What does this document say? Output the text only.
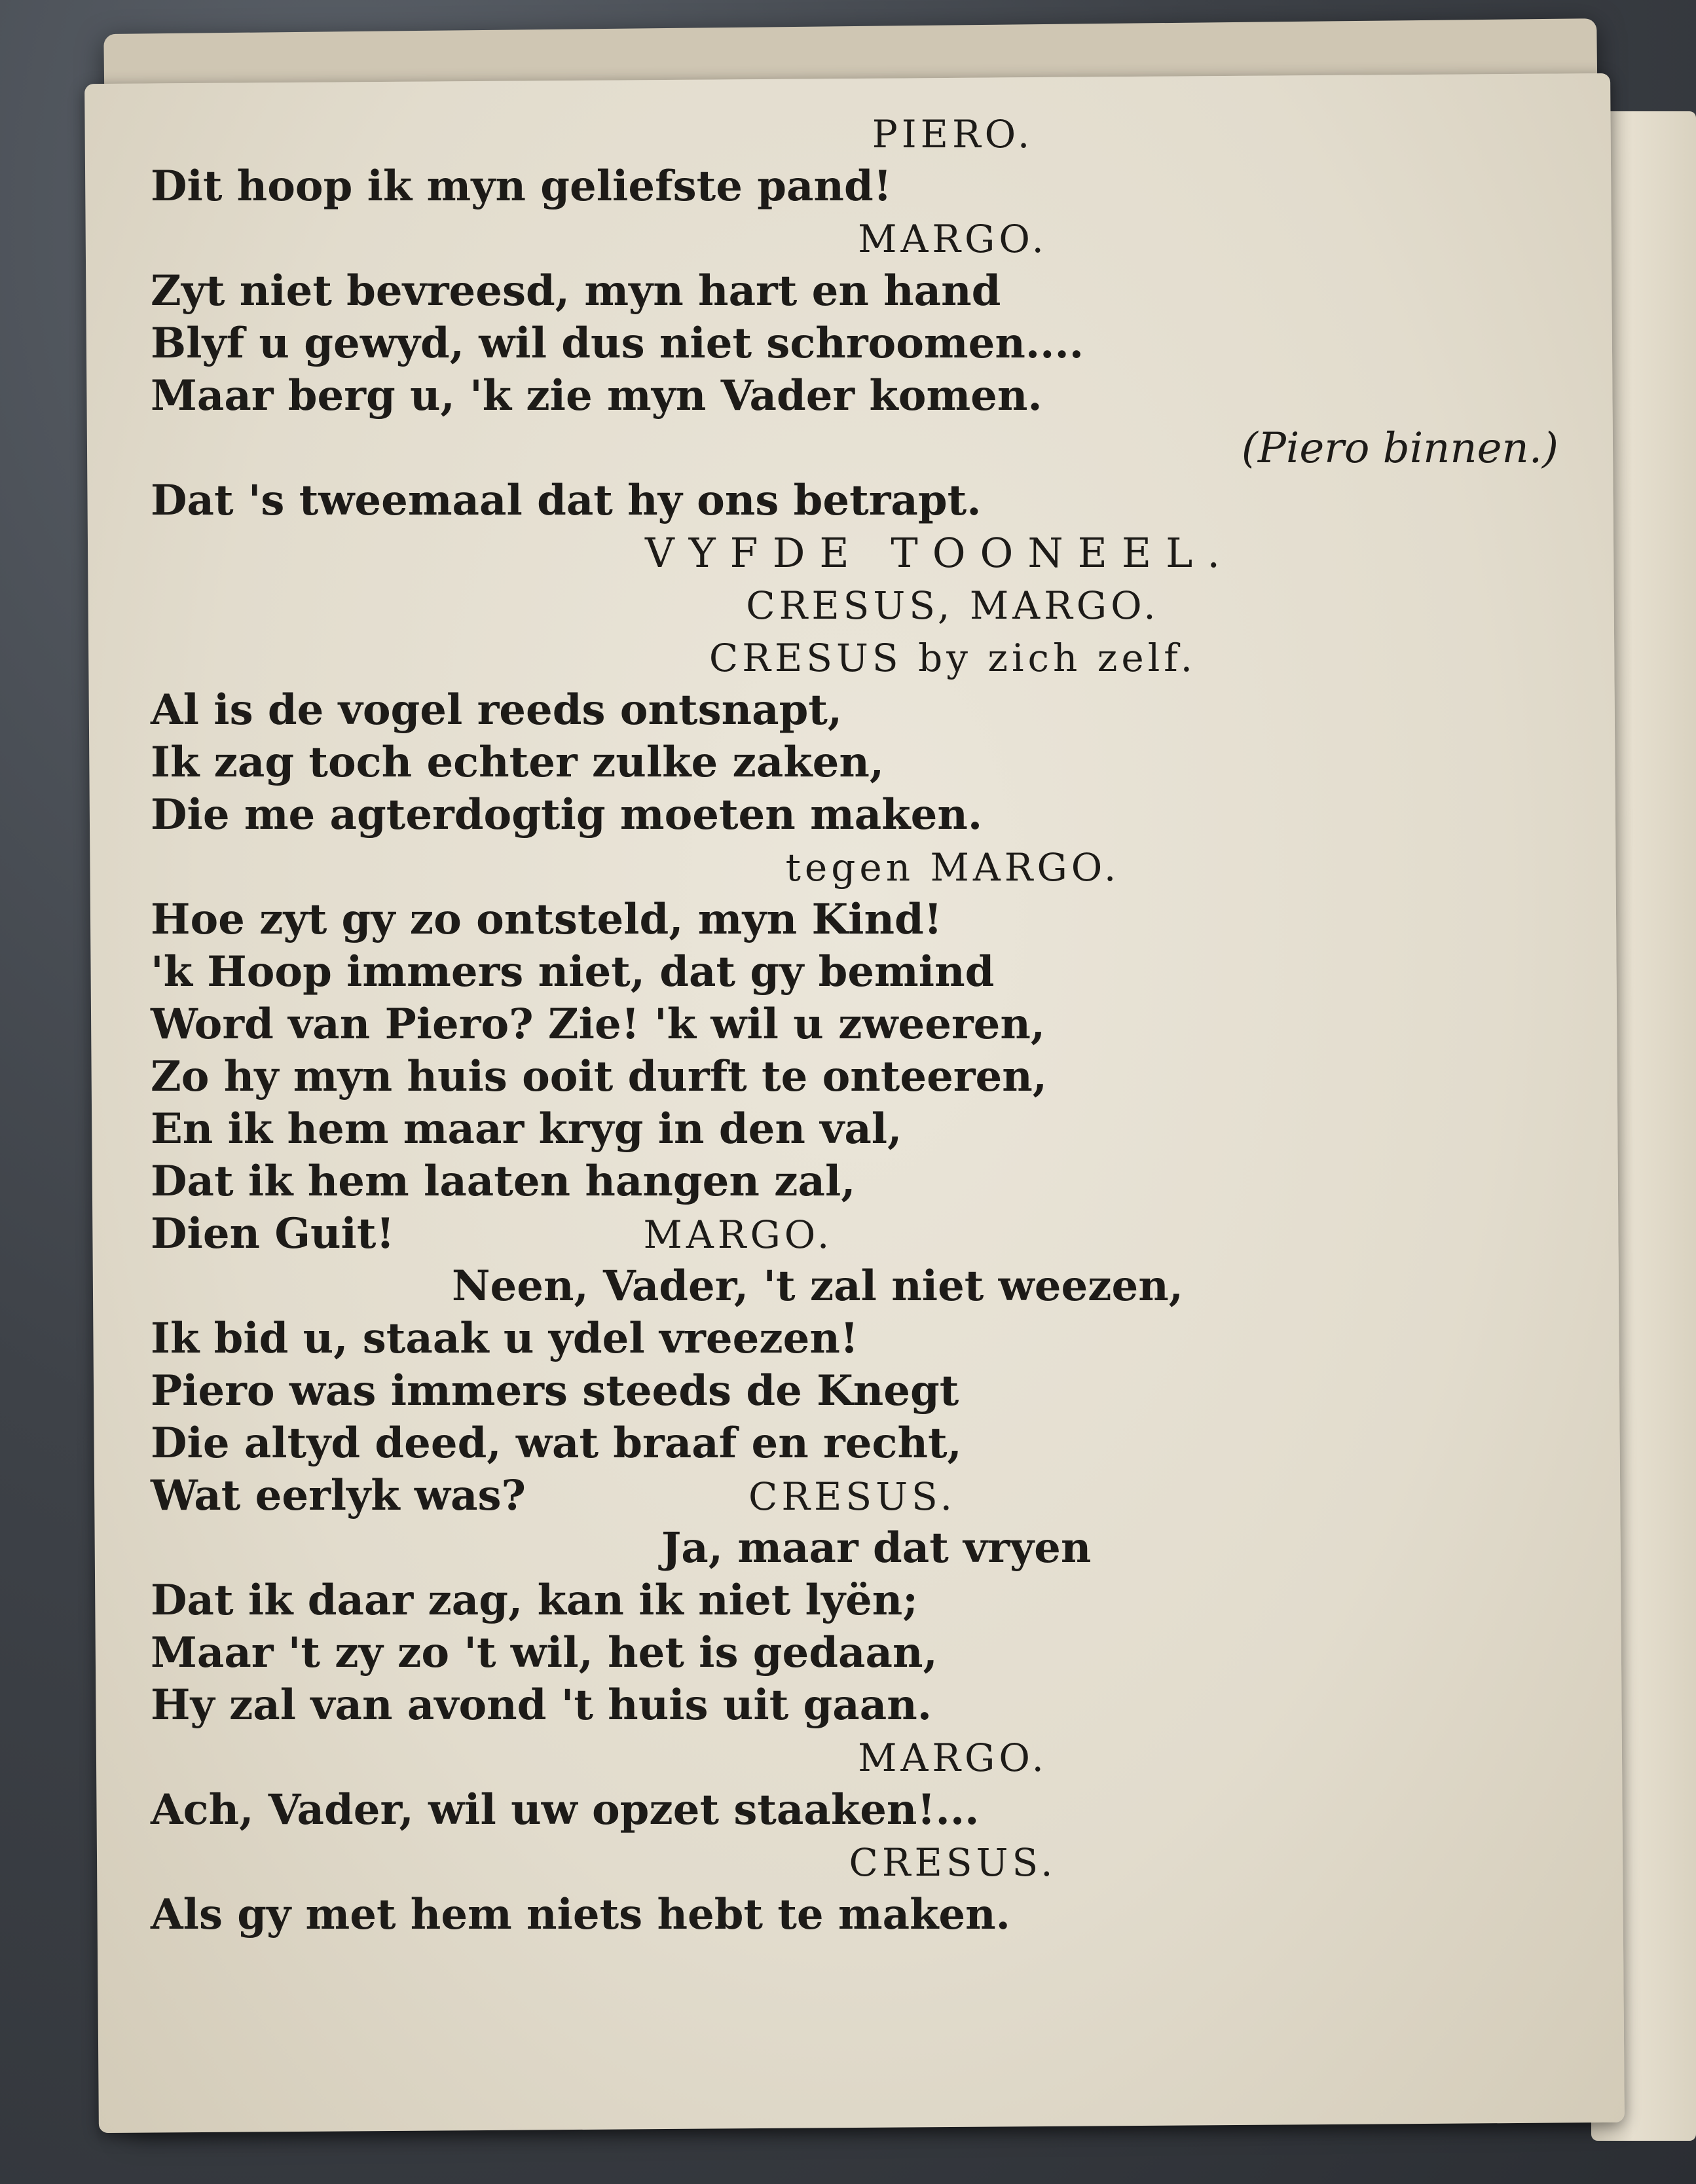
PIERO.
Dit hoop ik myn geliefste pand!
MARGO.
Zyt niet bevreesd, myn hart en hand
Blyf u gewyd, wil dus niet schroomen....
Maar berg u, 'k zie myn Vader komen.
(Piero binnen.)
Dat 's tweemaal dat hy ons betrapt.
VYFDE TOONEEL.
CRESUS, MARGO.
CRESUS by zich zelf.
Al is de vogel reeds ontsnapt,
Ik zag toch echter zulke zaken,
Die me agterdogtig moeten maken.
tegen MARGO.
Hoe zyt gy zo ontsteld, myn Kind!
'k Hoop immers niet, dat gy bemind
Word van Piero? Zie! 'k wil u zweeren,
Zo hy myn huis ooit durft te onteeren,
En ik hem maar kryg in den val,
Dat ik hem laaten hangen zal,
Dien Guit!	MARGO.
Neen, Vader, 't zal niet weezen,
Ik bid u, staak u ydel vreezen!
Piero was immers steeds de Knegt
Die altyd deed, wat braaf en recht,
Wat eerlyk was?	CRESUS.
Ja, maar dat vryen
Dat ik daar zag, kan ik niet lyën;
Maar 't zy zo 't wil, het is gedaan,
Hy zal van avond 't huis uit gaan.
MARGO.
Ach, Vader, wil uw opzet staaken!...
CRESUS.
Als gy met hem niets hebt te maken.
